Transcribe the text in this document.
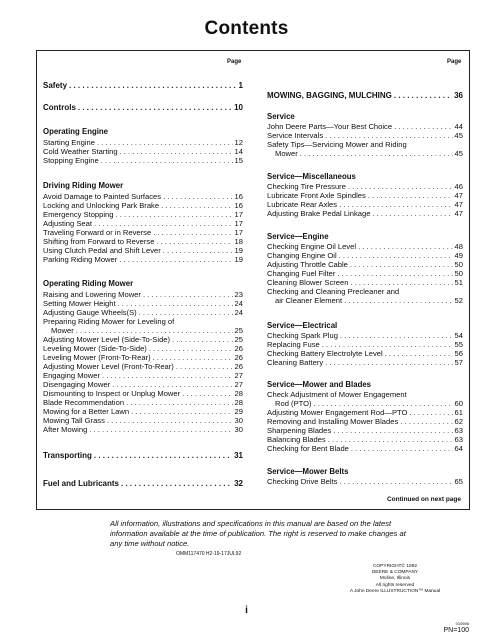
Contents
Page	Page
Safety . . .	1
Controls . . .	10
Operating Engine
Starting Engine . . .	12
Cold Weather Starting . . .	14
Stopping Engine . . .	15
Driving Riding Mower
Avoid Damage to Painted Surfaces . . .	16
Locking and Unlocking Park Brake . . .	16
Emergency Stopping . . .	17
Adjusting Seat . . .	17
Traveling Forward or in Reverse . . .	17
Shifting from Forward to Reverse . . .	18
Using Clutch Pedal and Shift Lever . . .	19
Parking Riding Mower . . .	19
Operating Riding Mower
Raising and Lowering Mower . . .	23
Setting Mower Height . . .	24
Adjusting Gauge Wheels(S) . . .	24
Preparing Riding Mower for Leveling of
Mower . . .	25
Adjusting Mower Level (Side-To-Side) . . .	25
Leveling Mower (Side-To-Side) . . .	26
Leveling Mower (Front-To-Rear) . . .	26
Adjusting Mower Level (Front-To-Rear) . . .	26
Engaging Mower . . .	27
Disengaging Mower . . .	27
Dismounting to Inspect or Unplug Mower . . .	28
Blade Recommendation . . .	28
Mowing for a Better Lawn . . .	29
Mowing Tall Grass . . .	30
After Mowing . . .	30
Transporting . . .	31
Fuel and Lubricants . . .	32
MOWING, BAGGING, MULCHING . . .	36
Service
John Deere Parts—Your Best Choice . . .	44
Service Intervals . . .	45
Safety Tips—Servicing Mower and Riding
Mower . . .	45
Service—Miscellaneous
Checking Tire Pressure . . .	46
Lubricate Front Axle Spindles . . .	47
Lubricate Rear Axles . . .	47
Adjusting Brake Pedal Linkage . . .	47
Service—Engine
Checking Engine Oil Level . . .	48
Changing Engine Oil . . .	49
Adjusting Throttle Cable . . .	50
Changing Fuel Filter . . .	50
Cleaning Blower Screen . . .	51
Checking and Cleaning Precleaner and
air Cleaner Element . . .	52
Service—Electrical
Checking Spark Plug . . .	54
Replacing Fuse . . .	55
Checking Battery Electrolyte Level . . .	56
Cleaning Battery . . .	57
Service—Mower and Blades
Check Adjustment of Mower Engagement
Rod (PTO) . . .	60
Adjusting Mower Engagement Rod—PTO . . .	61
Removing and Installing Mower Blades . . .	62
Sharpening Blades . . .	63
Balancing Blades . . .	63
Checking for Bent Blade . . .	64
Service—Mower Belts
Checking Drive Belts . . .	65
Continued on next page
All information, illustrations and specifications in this manual are based on the latest information available at the time of publication. The right is reserved to make changes at any time without notice.
OMM117470 H2-19-17JUL92
COPYRIGHT© 1992
DEERE & COMPANY
Moline, Illinois
All rights reserved
A John Deere ILLUSTRUCTION™ Manual
i
010696
PN=100
